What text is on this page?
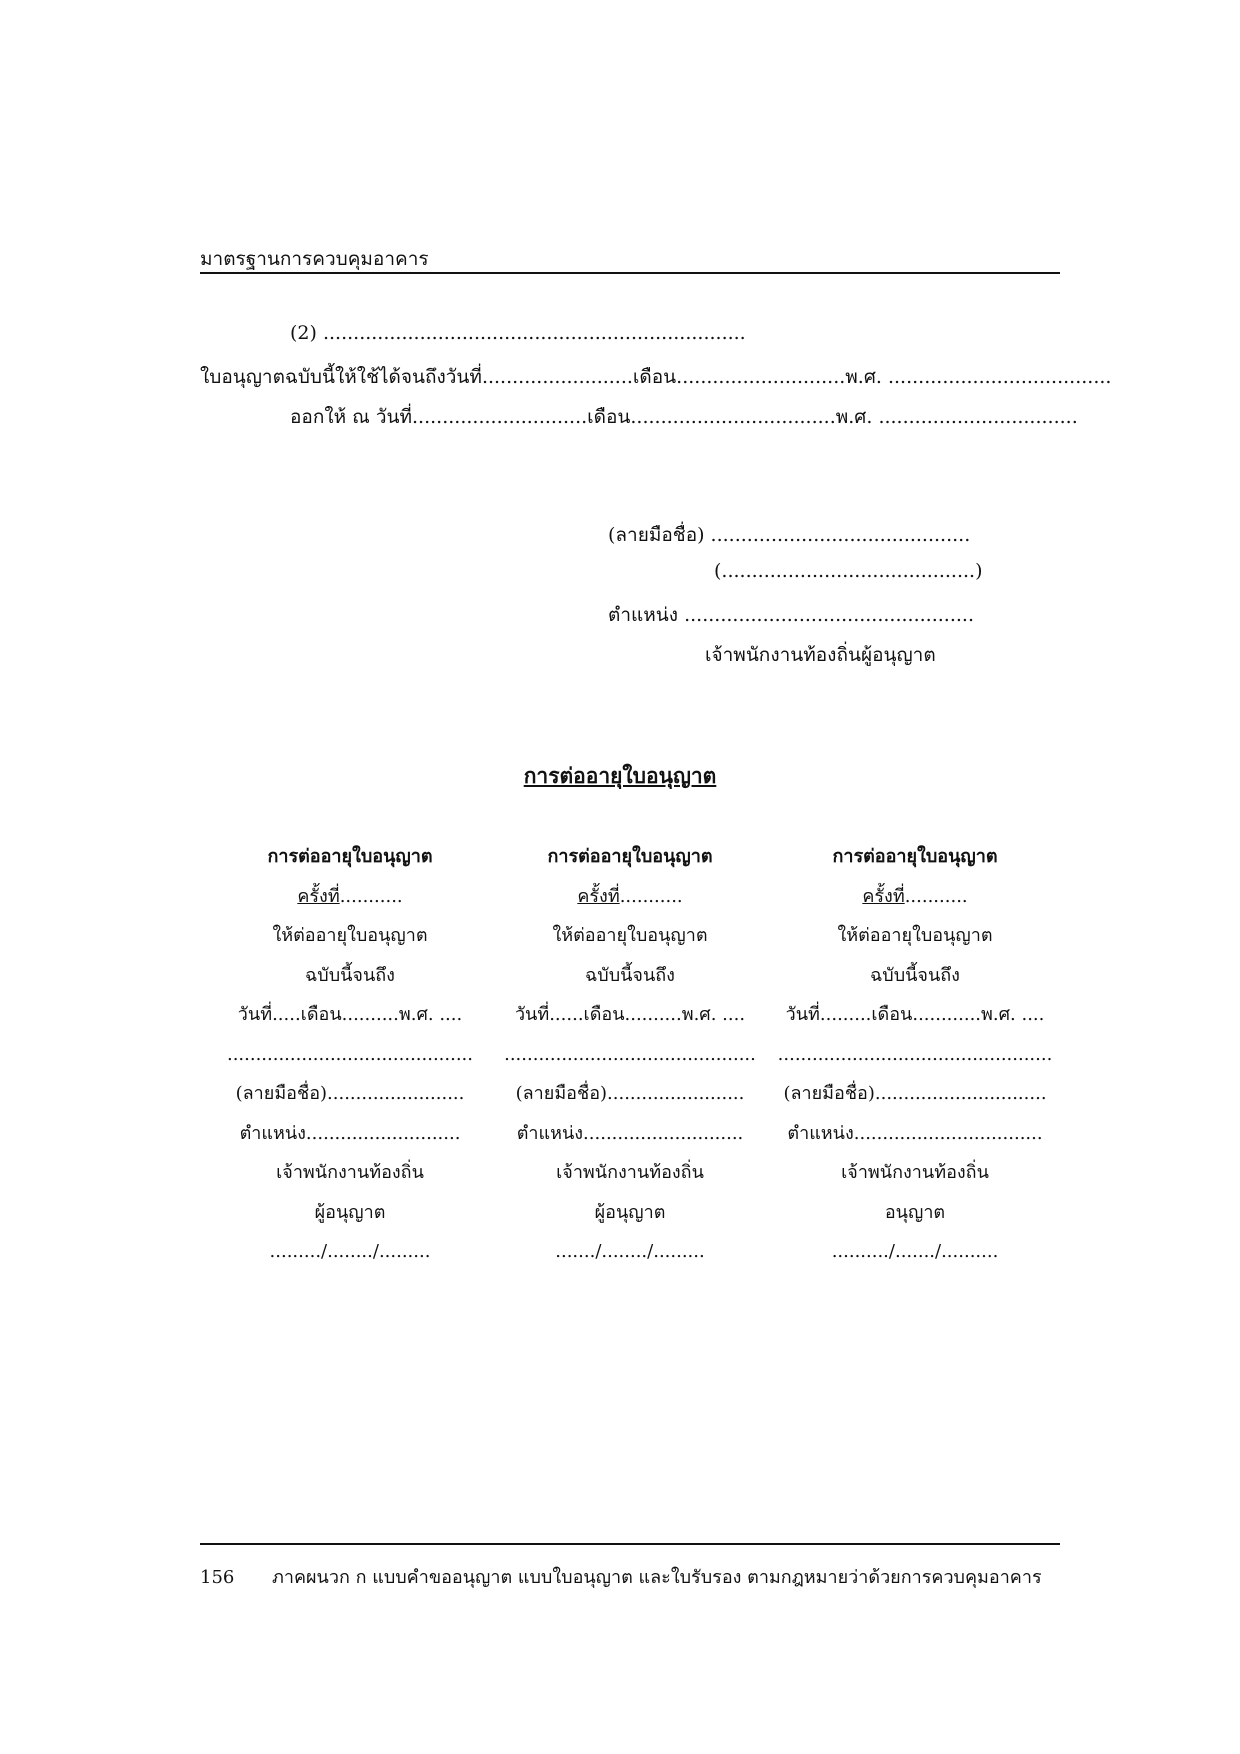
มาตรฐานการควบคุมอาคาร
(2) ......................................................................
ใบอนุญาตฉบับนี้ให้ใช้ได้จนถึงวันที่.........................เดือน............................พ.ศ. .....................................
ออกให้ ณ วันที่.............................เดือน..................................พ.ศ. .................................
(ลายมือชื่อ) ...........................................
(..........................................)
ตำแหน่ง ................................................
เจ้าพนักงานท้องถิ่นผู้อนุญาต
การต่ออายุใบอนุญาต
การต่ออายุใบอนุญาต
ครั้งที่...........
ให้ต่ออายุใบอนุญาต
ฉบับนี้จนถึง
วันที่.....เดือน..........พ.ศ. ....
...........................................
(ลายมือชื่อ)........................
ตำแหน่ง...........................
เจ้าพนักงานท้องถิ่น
ผู้อนุญาต
........./......../.........
การต่ออายุใบอนุญาต
ครั้งที่...........
ให้ต่ออายุใบอนุญาต
ฉบับนี้จนถึง
วันที่......เดือน..........พ.ศ. ....
............................................
(ลายมือชื่อ)........................
ตำแหน่ง............................
เจ้าพนักงานท้องถิ่น
ผู้อนุญาต
......./......../.........
การต่ออายุใบอนุญาต
ครั้งที่...........
ให้ต่ออายุใบอนุญาต
ฉบับนี้จนถึง
วันที่.........เดือน............พ.ศ. ....
................................................
(ลายมือชื่อ)..............................
ตำแหน่ง.................................
เจ้าพนักงานท้องถิ่น
อนุญาต
........../......./..........
156 ภาคผนวก ก แบบคำขออนุญาต แบบใบอนุญาต และใบรับรอง ตามกฎหมายว่าด้วยการควบคุมอาคาร
